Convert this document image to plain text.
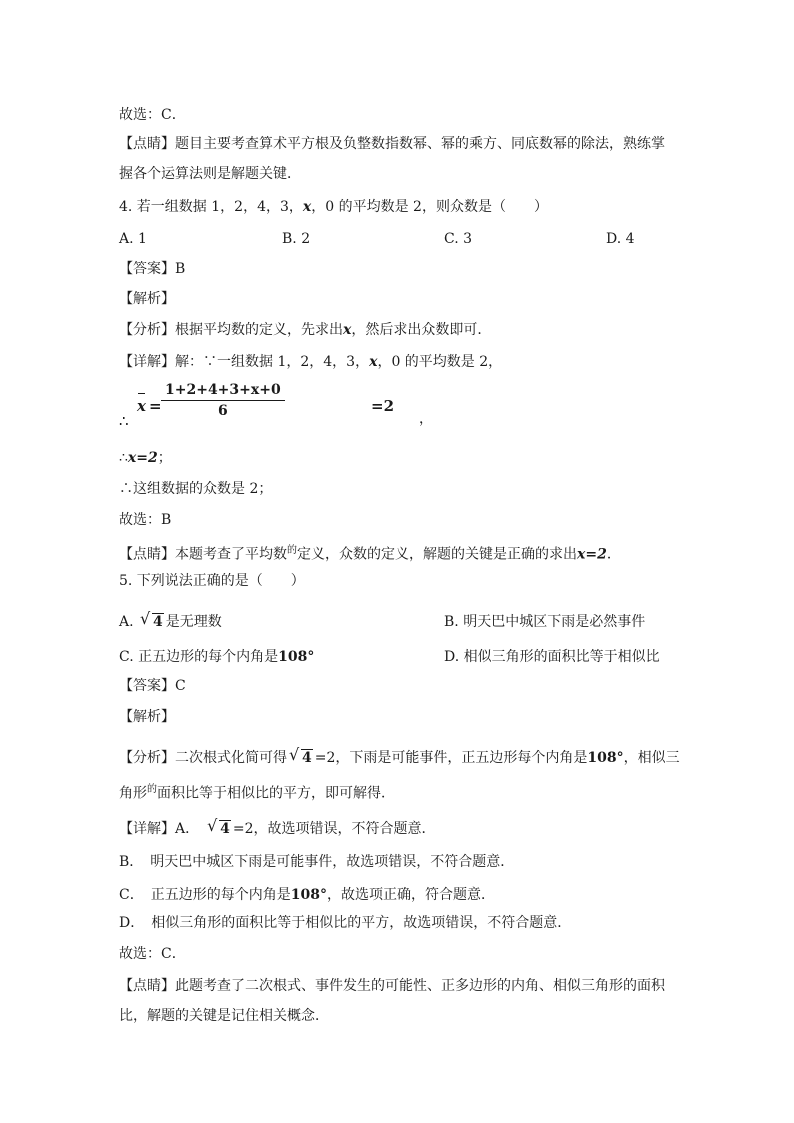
故选：C．
【点睛】题目主要考查算术平方根及负整数指数幂、幂的乘方、同底数幂的除法，熟练掌
握各个运算法则是解题关键．
4. 若一组数据 1，2，4，3，x，0 的平均数是 2，则众数是（　　）
A. 1	B. 2	C. 3	D. 4
【答案】B
【解析】
【分析】根据平均数的定义，先求出x，然后求出众数即可．
【详解】解：∵一组数据 1，2，4，3，x，0 的平均数是 2，
∴
$x = \frac{1+2+4+3+x+0}{6}$	=2
，
∴x=2；
∴这组数据的众数是 2；
故选：B
【点睛】本题考查了平均数$^的$定义，众数的定义，解题的关键是正确的求出x=2．
5. 下列说法正确的是（　　）
A. √ 4 是无理数	B. 明天巴中城区下雨是必然事件
C. 正五边形的每个内角是108°	D. 相似三角形的面积比等于相似比
【答案】C
【解析】
【分析】二次根式化简可得 √ 4 =2，下雨是可能事件，正五边形每个内角是108°，相似三
角形$^的$面积比等于相似比的平方，即可解得．
【详解】A． √ 4 =2，故选项错误，不符合题意．
B．　明天巴中城区下雨是可能事件，故选项错误，不符合题意．
C．　正五边形的每个内角是108°，故选项正确，符合题意．
D．　相似三角形的面积比等于相似比的平方，故选项错误，不符合题意．
故选：C．
【点睛】此题考查了二次根式、事件发生的可能性、正多边形的内角、相似三角形的面积
比，解题的关键是记住相关概念．
